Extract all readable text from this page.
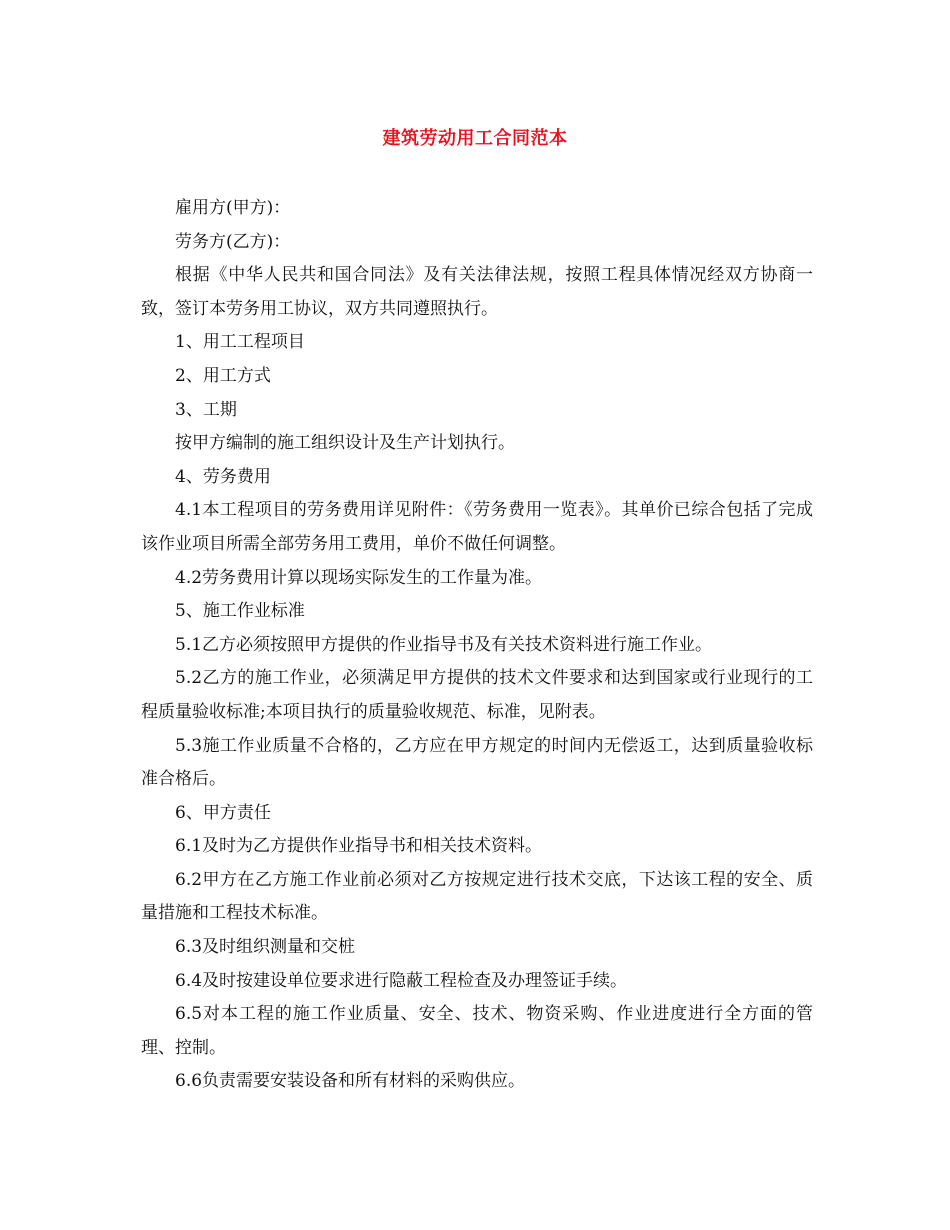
建筑劳动用工合同范本

雇用方(甲方)：

劳务方(乙方)：

根据《中华人民共和国合同法》及有关法律法规，按照工程具体情况经双方协商一致，签订本劳务用工协议，双方共同遵照执行。

1、用工工程项目

2、用工方式

3、工期

按甲方编制的施工组织设计及生产计划执行。

4、劳务费用

4.1本工程项目的劳务费用详见附件：《劳务费用一览表》。其单价已综合包括了完成该作业项目所需全部劳务用工费用，单价不做任何调整。

4.2劳务费用计算以现场实际发生的工作量为准。

5、施工作业标准

5.1乙方必须按照甲方提供的作业指导书及有关技术资料进行施工作业。

5.2乙方的施工作业，必须满足甲方提供的技术文件要求和达到国家或行业现行的工程质量验收标准;本项目执行的质量验收规范、标准，见附表。

5.3施工作业质量不合格的，乙方应在甲方规定的时间内无偿返工，达到质量验收标准合格后。

6、甲方责任

6.1及时为乙方提供作业指导书和相关技术资料。

6.2甲方在乙方施工作业前必须对乙方按规定进行技术交底，下达该工程的安全、质量措施和工程技术标准。

6.3及时组织测量和交桩

6.4及时按建设单位要求进行隐蔽工程检查及办理签证手续。

6.5对本工程的施工作业质量、安全、技术、物资采购、作业进度进行全方面的管理、控制。

6.6负责需要安装设备和所有材料的采购供应。
